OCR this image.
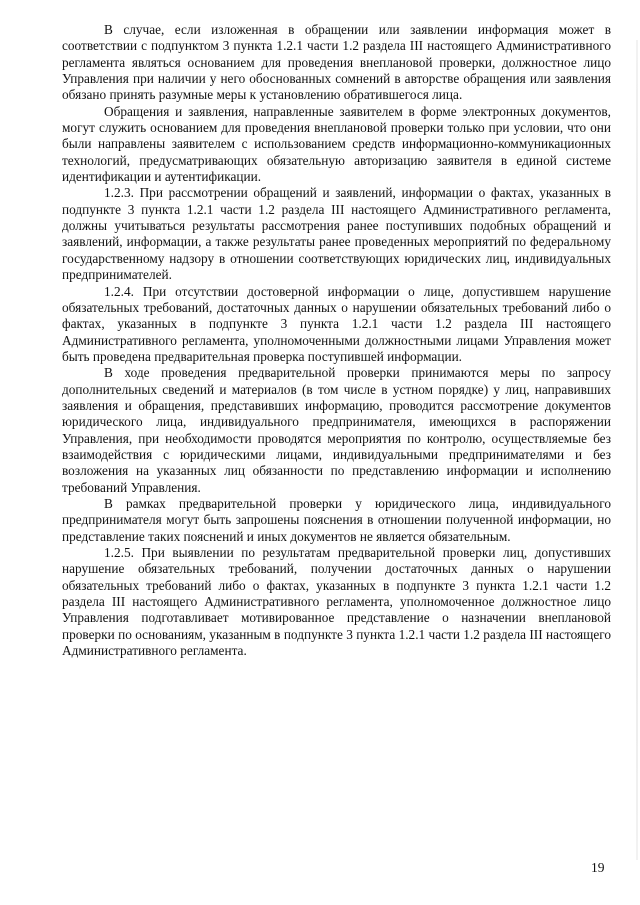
В случае, если изложенная в обращении или заявлении информация может в соответствии с подпунктом 3 пункта 1.2.1 части 1.2 раздела III настоящего Административного регламента являться основанием для проведения внеплановой проверки, должностное лицо Управления при наличии у него обоснованных сомнений в авторстве обращения или заявления обязано принять разумные меры к установлению обратившегося лица.

Обращения и заявления, направленные заявителем в форме электронных документов, могут служить основанием для проведения внеплановой проверки только при условии, что они были направлены заявителем с использованием средств информационно-коммуникационных технологий, предусматривающих обязательную авторизацию заявителя в единой системе идентификации и аутентификации.

1.2.3. При рассмотрении обращений и заявлений, информации о фактах, указанных в подпункте 3 пункта 1.2.1 части 1.2 раздела III настоящего Административного регламента, должны учитываться результаты рассмотрения ранее поступивших подобных обращений и заявлений, информации, а также результаты ранее проведенных мероприятий по федеральному государственному надзору в отношении соответствующих юридических лиц, индивидуальных предпринимателей.

1.2.4. При отсутствии достоверной информации о лице, допустившем нарушение обязательных требований, достаточных данных о нарушении обязательных требований либо о фактах, указанных в подпункте 3 пункта 1.2.1 части 1.2 раздела III настоящего Административного регламента, уполномоченными должностными лицами Управления может быть проведена предварительная проверка поступившей информации.

В ходе проведения предварительной проверки принимаются меры по запросу дополнительных сведений и материалов (в том числе в устном порядке) у лиц, направивших заявления и обращения, представивших информацию, проводится рассмотрение документов юридического лица, индивидуального предпринимателя, имеющихся в распоряжении Управления, при необходимости проводятся мероприятия по контролю, осуществляемые без взаимодействия с юридическими лицами, индивидуальными предпринимателями и без возложения на указанных лиц обязанности по представлению информации и исполнению требований Управления.

В рамках предварительной проверки у юридического лица, индивидуального предпринимателя могут быть запрошены пояснения в отношении полученной информации, но представление таких пояснений и иных документов не является обязательным.

1.2.5. При выявлении по результатам предварительной проверки лиц, допустивших нарушение обязательных требований, получении достаточных данных о нарушении обязательных требований либо о фактах, указанных в подпункте 3 пункта 1.2.1 части 1.2 раздела III настоящего Административного регламента, уполномоченное должностное лицо Управления подготавливает мотивированное представление о назначении внеплановой проверки по основаниям, указанным в подпункте 3 пункта 1.2.1 части 1.2 раздела III настоящего Административного регламента.

19
